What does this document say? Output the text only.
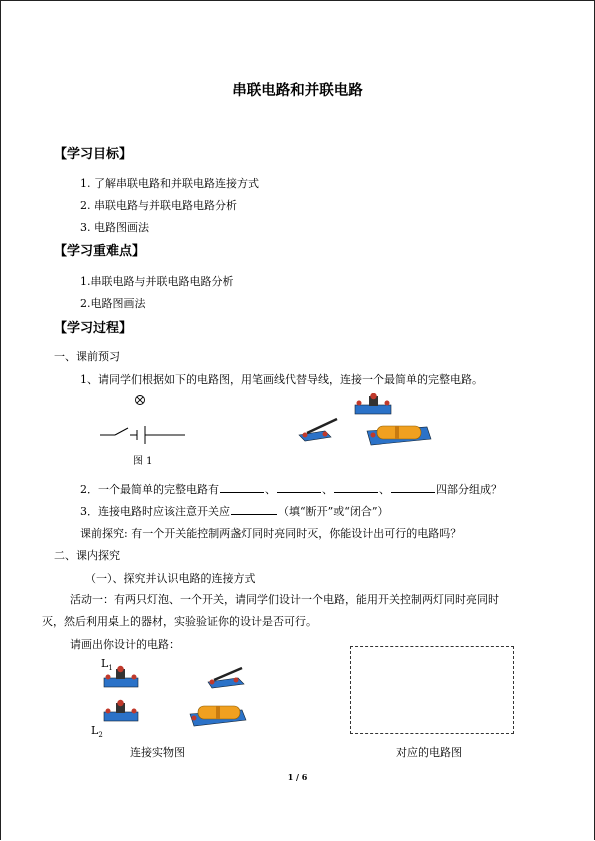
串联电路和并联电路
【学习目标】
1. 了解串联电路和并联电路连接方式
2. 串联电路与并联电路电路分析
3. 电路图画法
【学习重难点】
1.串联电路与并联电路电路分析
2.电路图画法
【学习过程】
一、课前预习
1、请同学们根据如下的电路图，用笔画线代替导线，连接一个最简单的完整电路。
图 1
2．一个最简单的完整电路有	、	、	、	四部分组成？
3．连接电路时应该注意开关应	（填“断开”或“闭合”）
课前探究: 有一个开关能控制两盏灯同时亮同时灭，你能设计出可行的电路吗？
二、课内探究
（一）、探究并认识电路的连接方式
活动一：有两只灯泡、一个开关，请同学们设计一个电路，能用开关控制两灯同时亮同时
灭，然后利用桌上的器材，实验验证你的设计是否可行。
请画出你设计的电路：
$L_1$
$L_2$
连接实物图	对应的电路图
1 / 6
